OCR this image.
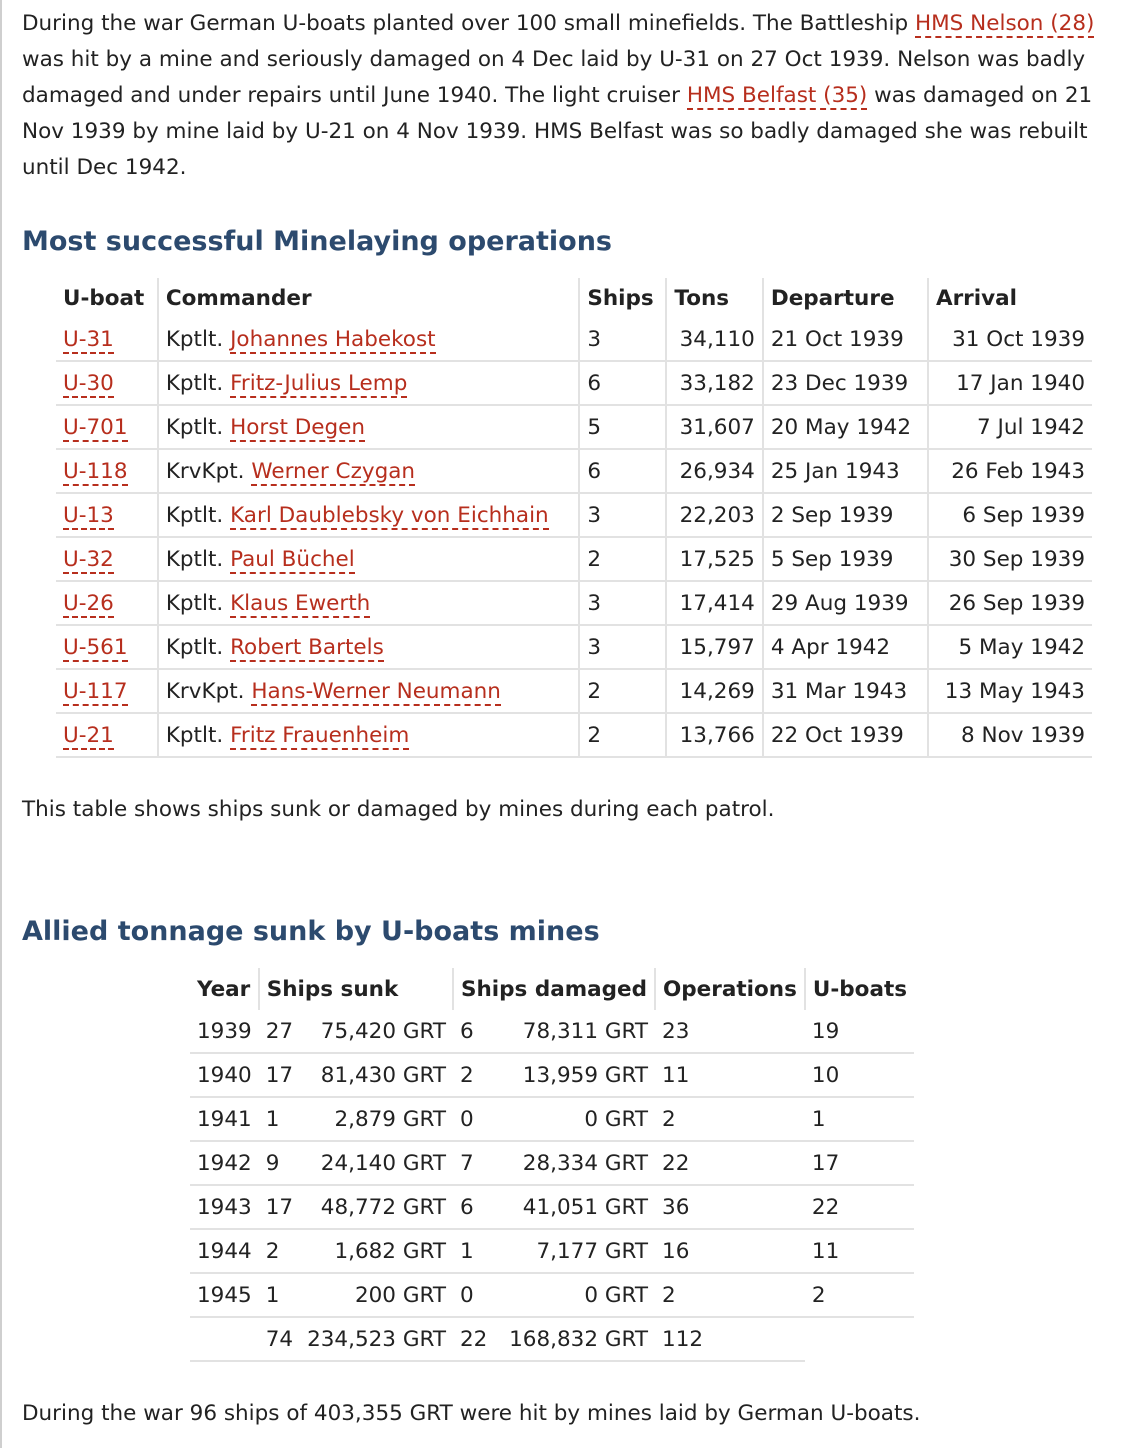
During the war German U-boats planted over 100 small minefields. The Battleship HMS Nelson (28) was hit by a mine and seriously damaged on 4 Dec laid by U-31 on 27 Oct 1939. Nelson was badly damaged and under repairs until June 1940. The light cruiser HMS Belfast (35) was damaged on 21 Nov 1939 by mine laid by U-21 on 4 Nov 1939. HMS Belfast was so badly damaged she was rebuilt until Dec 1942.

Most successful Minelaying operations
U-boat	Commander	Ships	Tons	Departure	Arrival
U-31	Kptlt. Johannes Habekost	3	34,110	21 Oct 1939	31 Oct 1939
U-30	Kptlt. Fritz-Julius Lemp	6	33,182	23 Dec 1939	17 Jan 1940
U-701	Kptlt. Horst Degen	5	31,607	20 May 1942	7 Jul 1942
U-118	KrvKpt. Werner Czygan	6	26,934	25 Jan 1943	26 Feb 1943
U-13	Kptlt. Karl Daublebsky von Eichhain	3	22,203	2 Sep 1939	6 Sep 1939
U-32	Kptlt. Paul Büchel	2	17,525	5 Sep 1939	30 Sep 1939
U-26	Kptlt. Klaus Ewerth	3	17,414	29 Aug 1939	26 Sep 1939
U-561	Kptlt. Robert Bartels	3	15,797	4 Apr 1942	5 May 1942
U-117	KrvKpt. Hans-Werner Neumann	2	14,269	31 Mar 1943	13 May 1943
U-21	Kptlt. Fritz Frauenheim	2	13,766	22 Oct 1939	8 Nov 1939

This table shows ships sunk or damaged by mines during each patrol.

Allied tonnage sunk by U-boats mines
Year	Ships sunk		Ships damaged		Operations	U-boats
1939	27	75,420 GRT	6	78,311 GRT	23	19
1940	17	81,430 GRT	2	13,959 GRT	11	10
1941	1	2,879 GRT	0	0 GRT	2	1
1942	9	24,140 GRT	7	28,334 GRT	22	17
1943	17	48,772 GRT	6	41,051 GRT	36	22
1944	2	1,682 GRT	1	7,177 GRT	16	11
1945	1	200 GRT	0	0 GRT	2	2
	74	234,523 GRT	22	168,832 GRT	112	

During the war 96 ships of 403,355 GRT were hit by mines laid by German U-boats.
